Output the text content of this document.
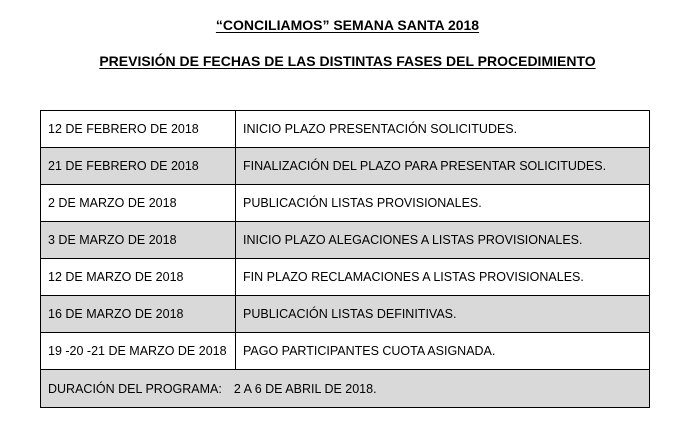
“CONCILIAMOS” SEMANA SANTA 2018
PREVISIÓN DE FECHAS DE LAS DISTINTAS FASES DEL PROCEDIMIENTO
12 DE FEBRERO DE 2018	INICIO PLAZO PRESENTACIÓN SOLICITUDES.
21 DE FEBRERO DE 2018	FINALIZACIÓN DEL PLAZO PARA PRESENTAR SOLICITUDES.
2 DE MARZO DE 2018	PUBLICACIÓN LISTAS PROVISIONALES.
3 DE MARZO DE 2018	INICIO PLAZO ALEGACIONES A LISTAS PROVISIONALES.
12 DE MARZO DE 2018	FIN PLAZO RECLAMACIONES A LISTAS PROVISIONALES.
16 DE MARZO DE 2018	PUBLICACIÓN LISTAS DEFINITIVAS.
19 -20 -21 DE MARZO DE 2018	PAGO PARTICIPANTES CUOTA ASIGNADA.
DURACIÓN DEL PROGRAMA: 2 A 6 DE ABRIL DE 2018.	
